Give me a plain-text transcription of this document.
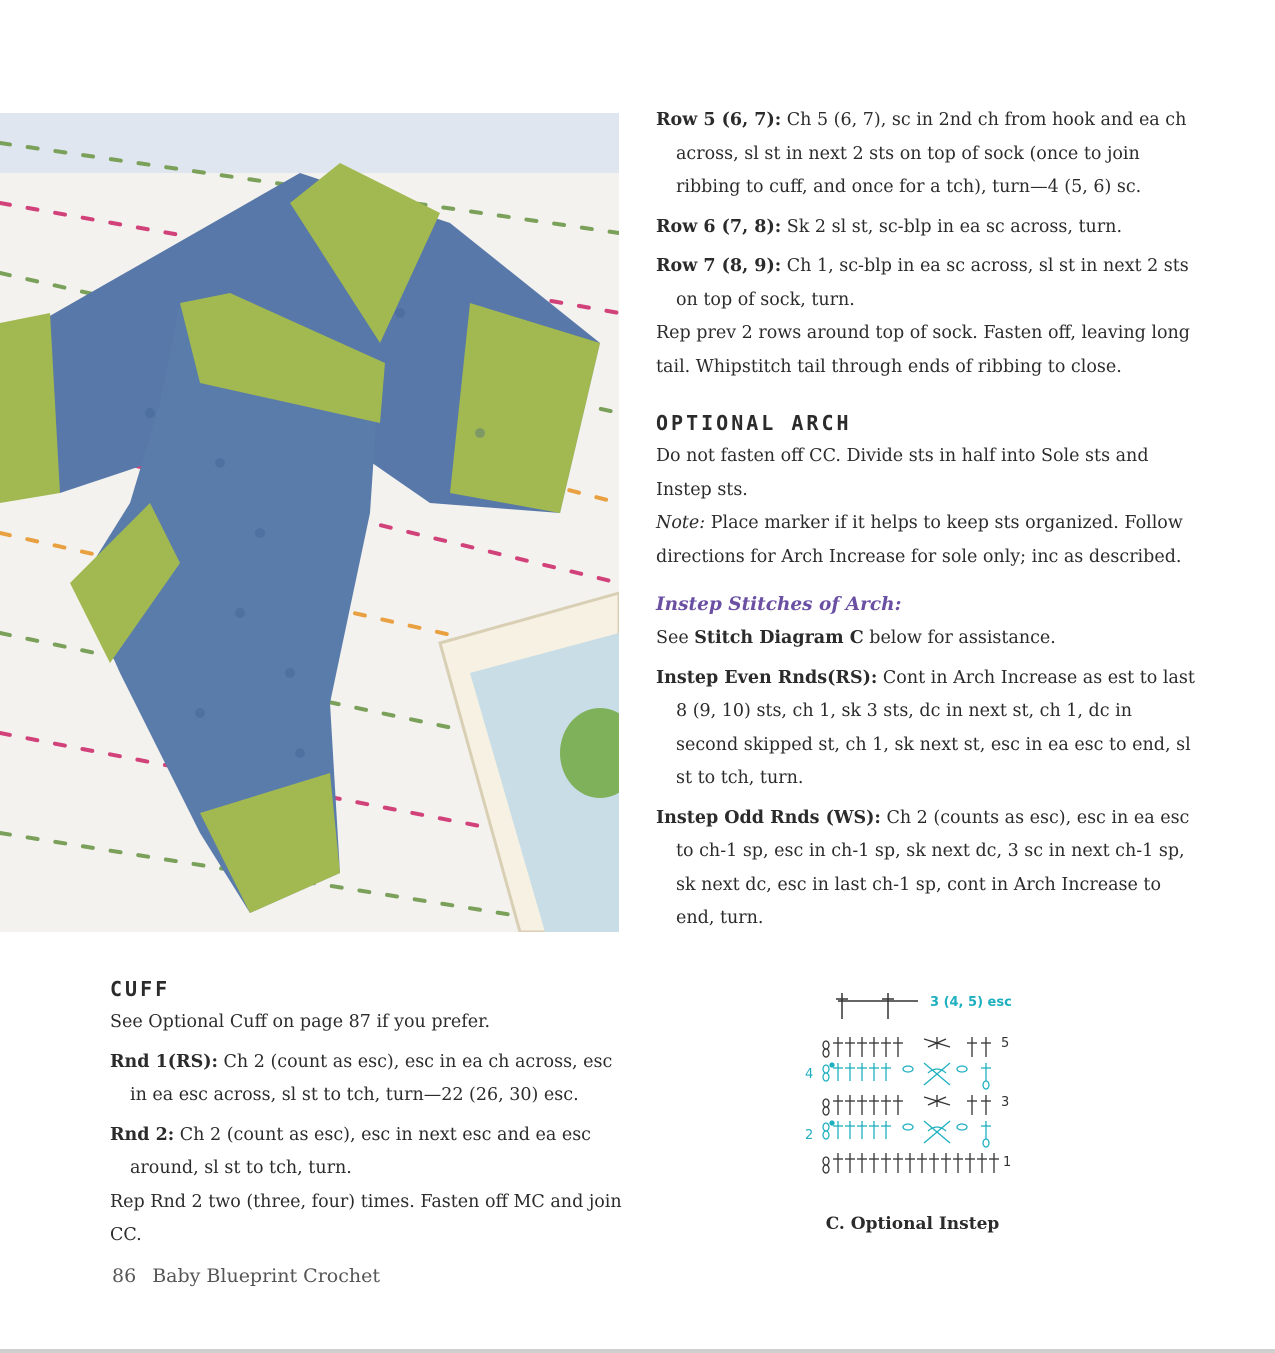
Row 5 (6, 7): Ch 5 (6, 7), sc in 2nd ch from hook and ea ch across, sl st in next 2 sts on top of sock (once to join ribbing to cuff, and once for a tch), turn—4 (5, 6) sc.

Row 6 (7, 8): Sk 2 sl st, sc-blp in ea sc across, turn.

Row 7 (8, 9): Ch 1, sc-blp in ea sc across, sl st in next 2 sts on top of sock, turn.

Rep prev 2 rows around top of sock. Fasten off, leaving long tail. Whipstitch tail through ends of ribbing to close.

OPTIONAL ARCH

Do not fasten off CC. Divide sts in half into Sole sts and Instep sts.

Note: Place marker if it helps to keep sts organized. Follow directions for Arch Increase for sole only; inc as described.

Instep Stitches of Arch:

See Stitch Diagram C below for assistance.

Instep Even Rnds(RS): Cont in Arch Increase as est to last 8 (9, 10) sts, ch 1, sk 3 sts, dc in next st, ch 1, dc in second skipped st, ch 1, sk next st, esc in ea esc to end, sl st to tch, turn.

Instep Odd Rnds (WS): Ch 2 (counts as esc), esc in ea esc to ch-1 sp, esc in ch-1 sp, sk next dc, 3 sc in next ch-1 sp, sk next dc, esc in last ch-1 sp, cont in Arch Increase to end, turn.

CUFF

See Optional Cuff on page 87 if you prefer.

Rnd 1(RS): Ch 2 (count as esc), esc in ea ch across, esc in ea esc across, sl st to tch, turn—22 (26, 30) esc.

Rnd 2: Ch 2 (count as esc), esc in next esc and ea esc around, sl st to tch, turn.

Rep Rnd 2 two (three, four) times. Fasten off MC and join CC.

3 (4, 5) esc
5
4
3
2
1
C. Optional Instep
86 Baby Blueprint Crochet
